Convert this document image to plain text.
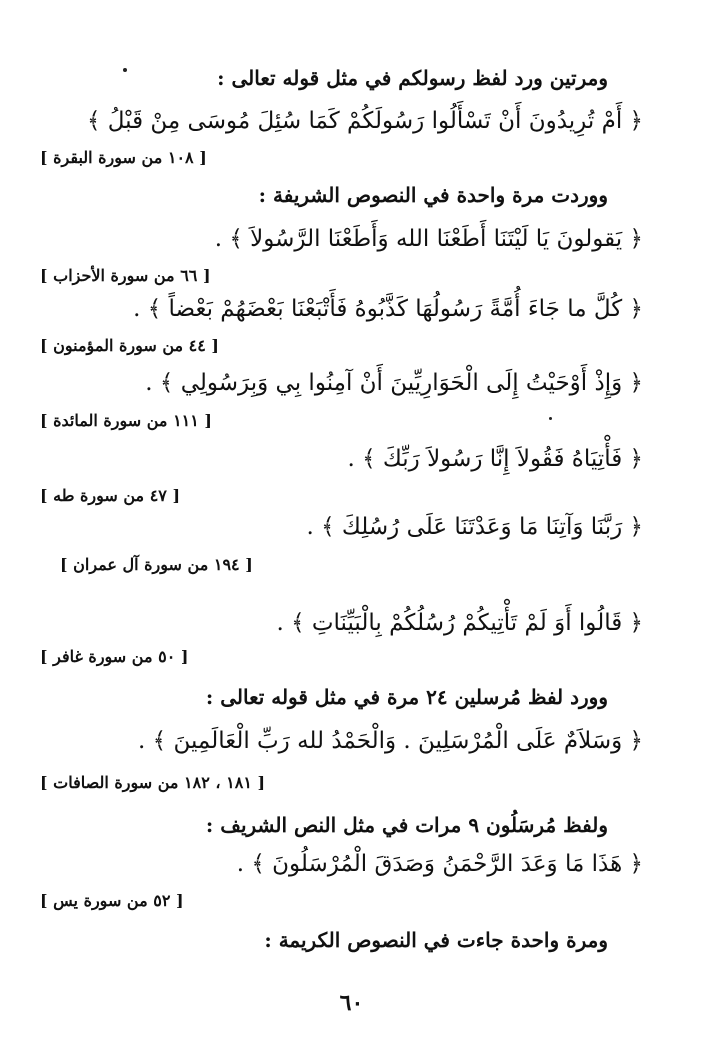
ومرتين ورد لفظ رسولكم في مثل قوله تعالى :
﴿ أَمْ تُرِيدُونَ أَنْ تَسْأَلُوا رَسُولَكُمْ كَمَا سُئِلَ مُوسَى مِنْ قَبْلُ ﴾
[ ١٠٨ من سورة البقرة ]
ووردت مرة واحدة في النصوص الشريفة :
﴿ يَقولونَ يَا لَيْتَنَا أَطَعْنَا الله وَأَطَعْنَا الرَّسُولاَ ﴾ .
[ ٦٦ من سورة الأحزاب ]
﴿ كُلَّ ما جَاءَ أُمَّةً رَسُولُهَا كَذَّبُوهُ فَأَتْبَعْنَا بَعْضَهُمْ بَعْضاً ﴾ .
[ ٤٤ من سورة المؤمنون ]
﴿ وَإِذْ أَوْحَيْتُ إِلَى الْحَوَارِيِّينَ أَنْ آمِنُوا بِي وَبِرَسُولِي ﴾ .
[ ١١١ من سورة المائدة ]
﴿ فَأْتِيَاهُ فَقُولاَ إِنَّا رَسُولاَ رَبِّكَ ﴾ .
[ ٤٧ من سورة طه ]
﴿ رَبَّنَا وَآتِنَا مَا وَعَدْتَنَا عَلَى رُسُلِكَ ﴾ .
[ ١٩٤ من سورة آل عمران ]
﴿ قَالُوا أَوَ لَمْ تَأْتِيكُمْ رُسُلُكُمْ بِالْبَيِّنَاتِ ﴾ .
[ ٥٠ من سورة غافر ]
وورد لفظ مُرسلين ٢٤ مرة في مثل قوله تعالى :
﴿ وَسَلاَمٌ عَلَى الْمُرْسَلِينَ . وَالْحَمْدُ لله رَبِّ الْعَالَمِينَ ﴾ .
[ ١٨١ ، ١٨٢ من سورة الصافات ]
ولفظ مُرسَلُون ٩ مرات في مثل النص الشريف :
﴿ هَذَا مَا وَعَدَ الرَّحْمَنُ وَصَدَقَ الْمُرْسَلُونَ ﴾ .
[ ٥٢ من سورة يس ]
ومرة واحدة جاءت في النصوص الكريمة :
٦٠
